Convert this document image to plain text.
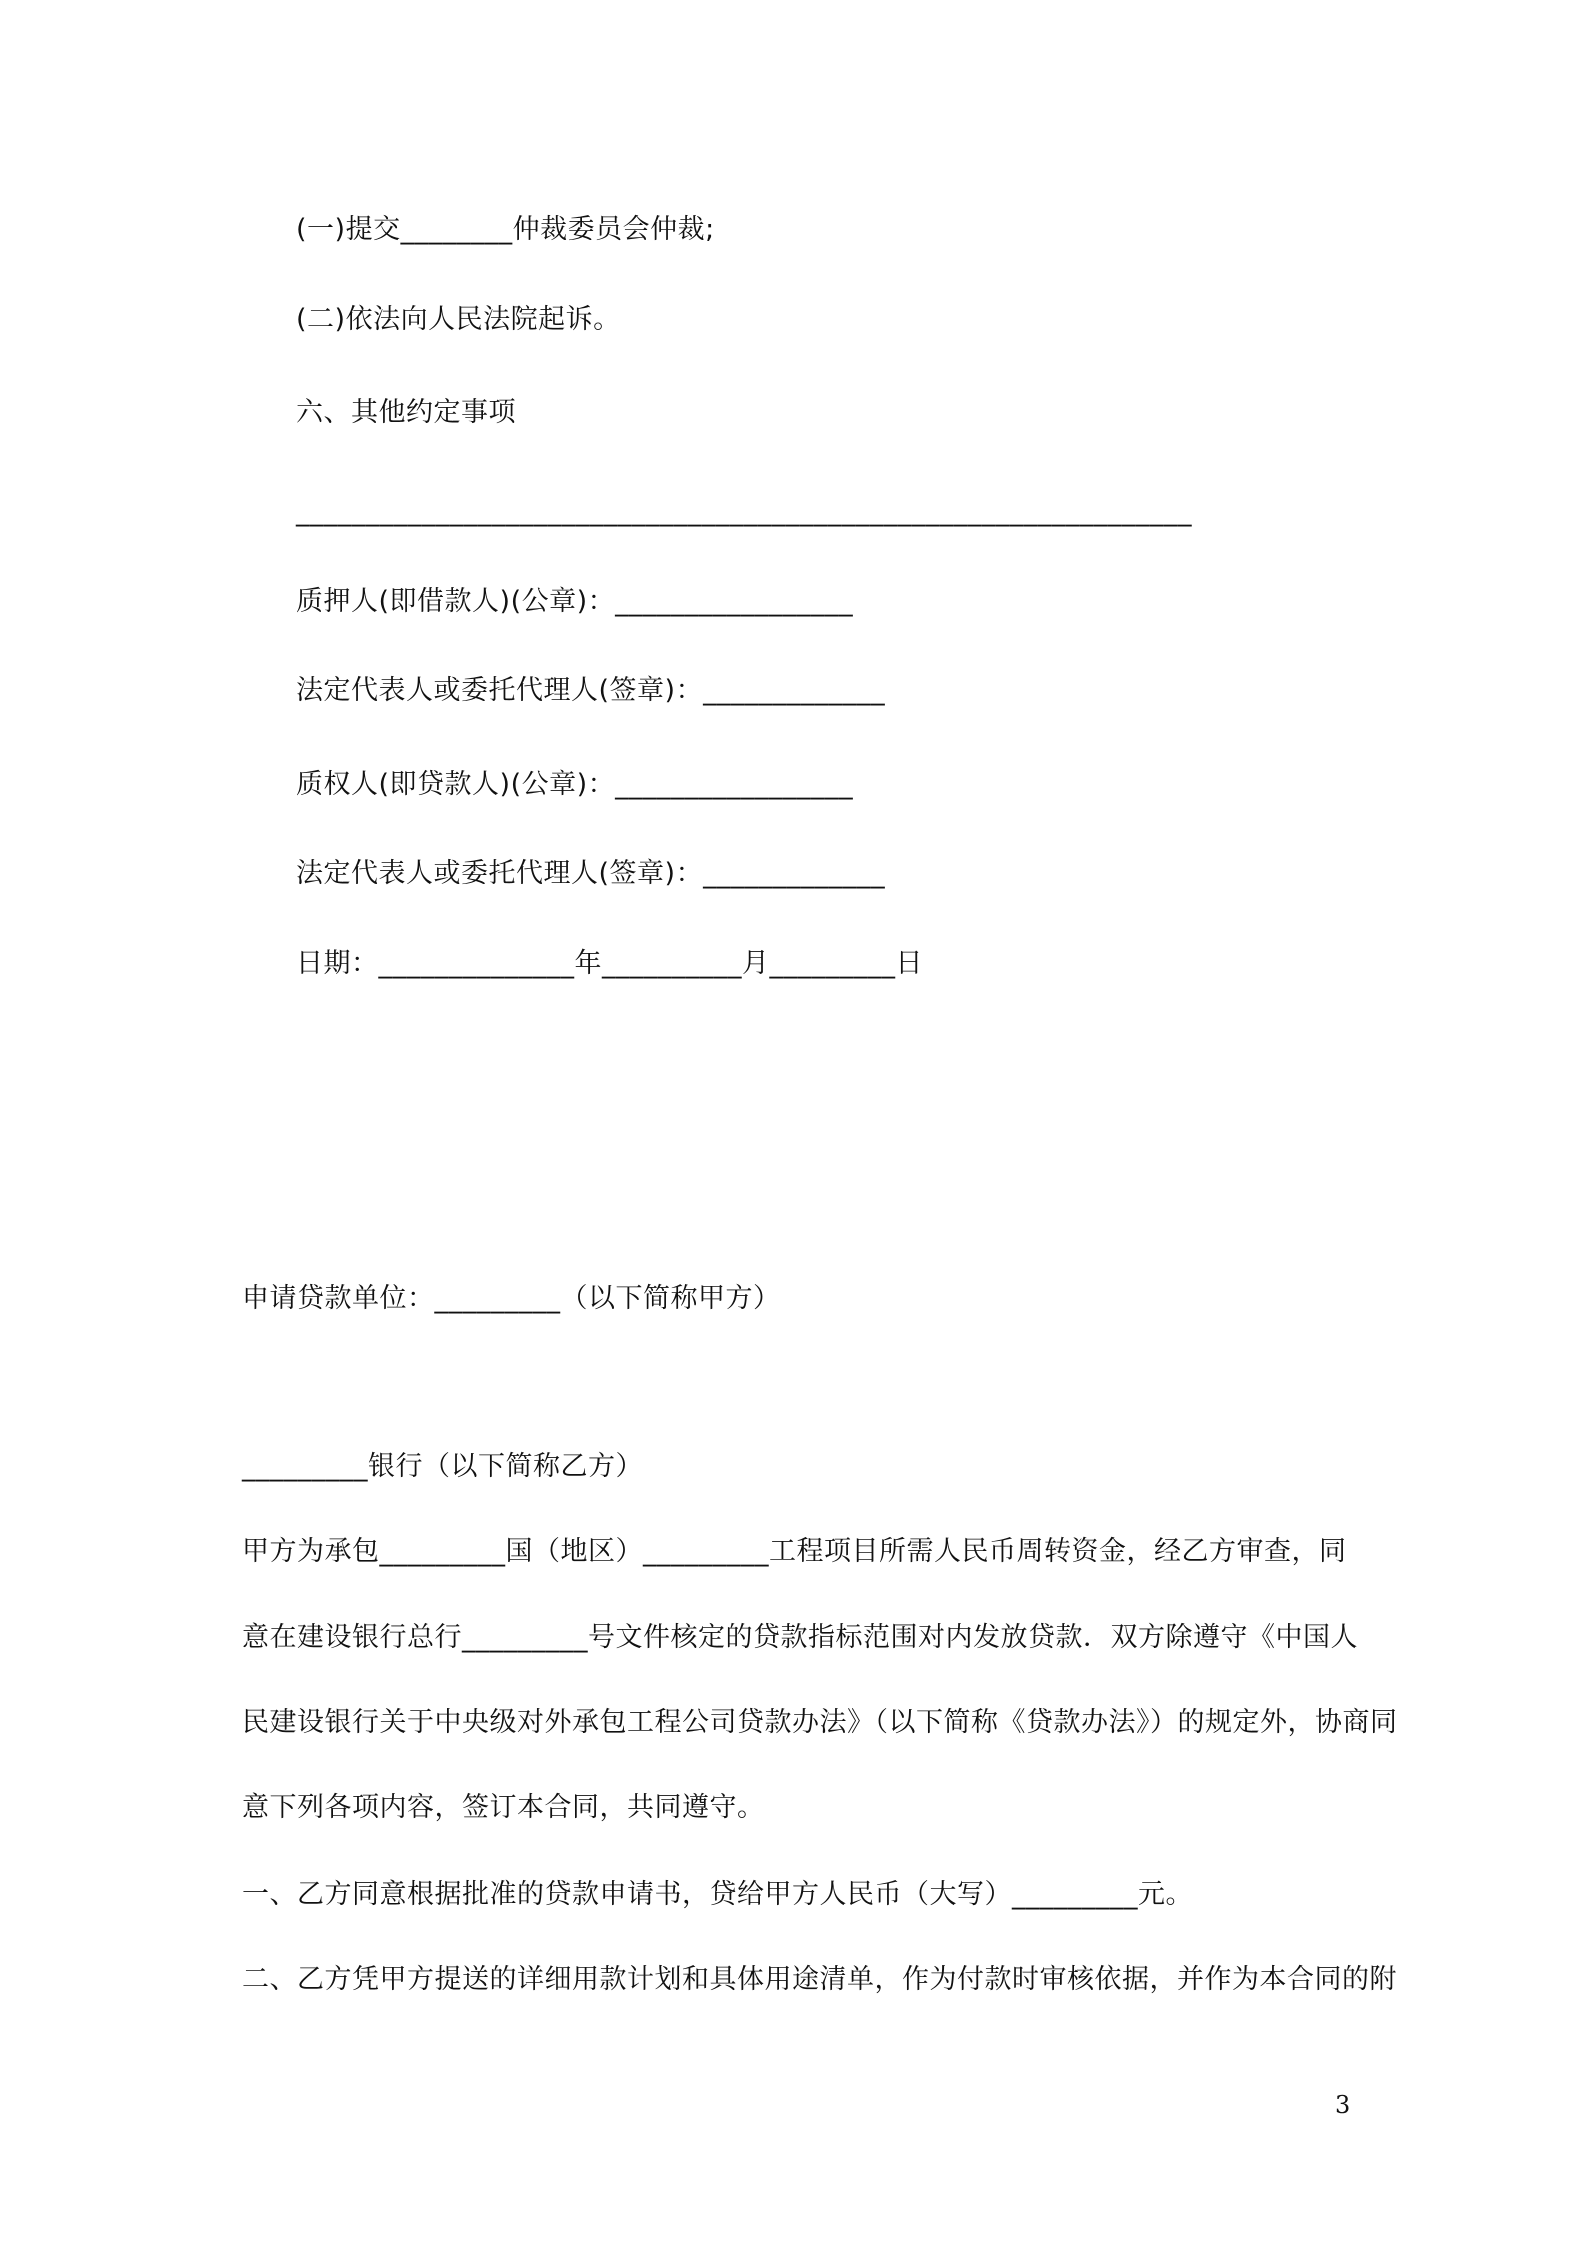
(一)提交________仲裁委员会仲裁;
(二)依法向人民法院起诉。
六、其他约定事项
________________________________________________________________
质押人(即借款人)(公章)：_________________
法定代表人或委托代理人(签章)：_____________
质权人(即贷款人)(公章)：_________________
法定代表人或委托代理人(签章)：_____________
日期：______________年__________月_________日
申请贷款单位：_________（以下简称甲方）
_________银行（以下简称乙方）
甲方为承包_________国（地区）_________工程项目所需人民币周转资金，经乙方审查，同
意在建设银行总行_________号文件核定的贷款指标范围对内发放贷款．双方除遵守《中国人
民建设银行关于中央级对外承包工程公司贷款办法》（以下简称《贷款办法》）的规定外，协商同
意下列各项内容，签订本合同，共同遵守。
一、乙方同意根据批准的贷款申请书，贷给甲方人民币（大写）_________元。
二、乙方凭甲方提送的详细用款计划和具体用途清单，作为付款时审核依据，并作为本合同的附
3
